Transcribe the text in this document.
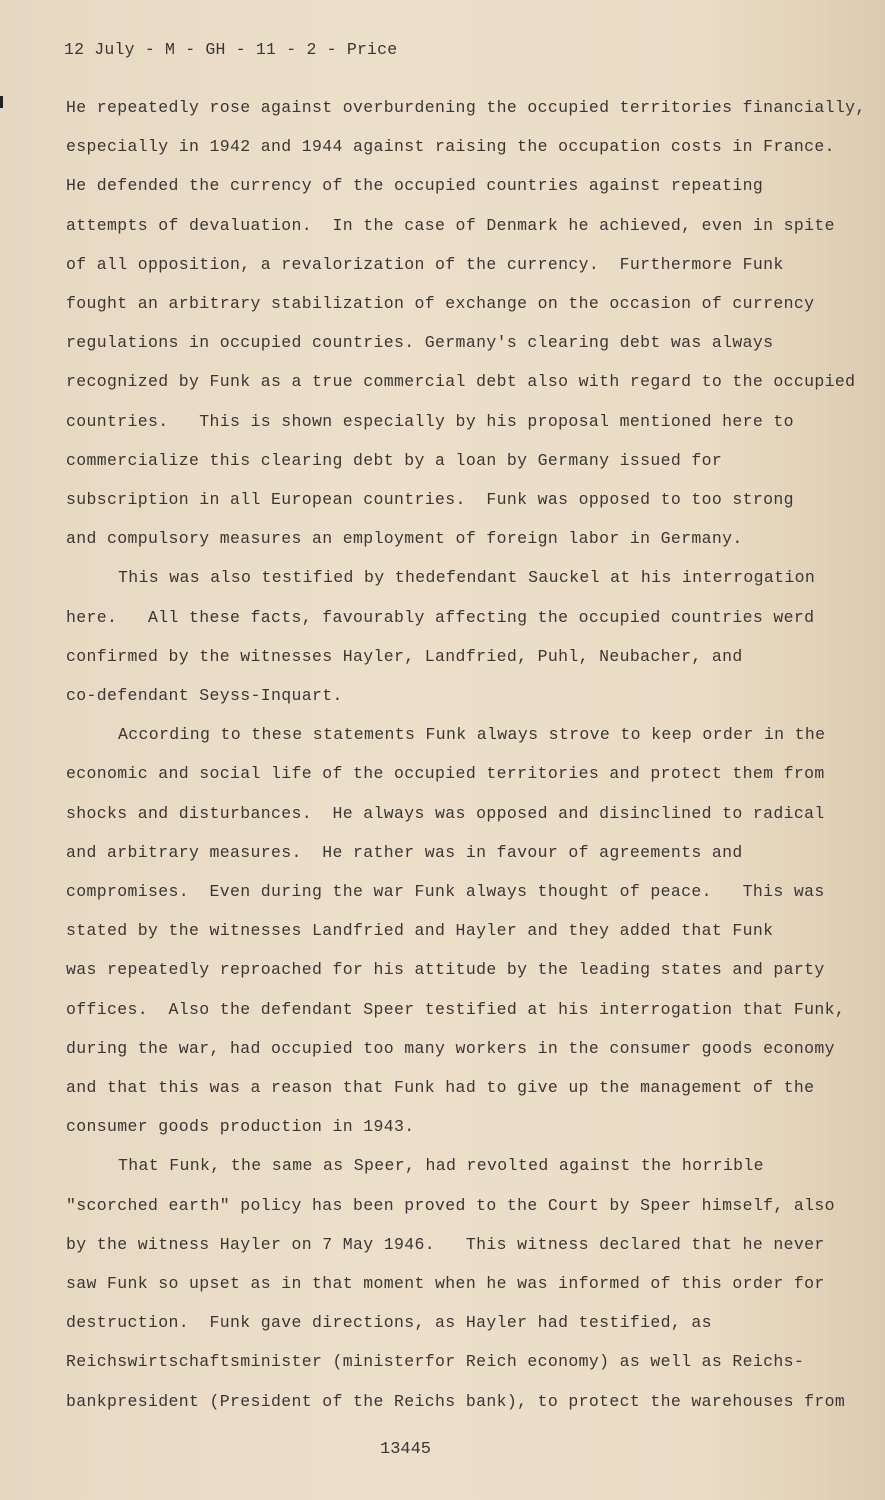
12 July - M - GH - 11 - 2 - Price
He repeatedly rose against overburdening the occupied territories financially,
especially in 1942 and 1944 against raising the occupation costs in France.
He defended the currency of the occupied countries against repeating
attempts of devaluation.  In the case of Denmark he achieved, even in spite
of all opposition, a revalorization of the currency.  Furthermore Funk
fought an arbitrary stabilization of exchange on the occasion of currency
regulations in occupied countries. Germany's clearing debt was always
recognized by Funk as a true commercial debt also with regard to the occupied
countries.   This is shown especially by his proposal mentioned here to
commercialize this clearing debt by a loan by Germany issued for
subscription in all European countries.  Funk was opposed to too strong
and compulsory measures an employment of foreign labor in Germany.
This was also testified by thedefendant Sauckel at his interrogation
here.   All these facts, favourably affecting the occupied countries werd
confirmed by the witnesses Hayler, Landfried, Puhl, Neubacher, and
co-defendant Seyss-Inquart.
According to these statements Funk always strove to keep order in the
economic and social life of the occupied territories and protect them from
shocks and disturbances.  He always was opposed and disinclined to radical
and arbitrary measures.  He rather was in favour of agreements and
compromises.  Even during the war Funk always thought of peace.   This was
stated by the witnesses Landfried and Hayler and they added that Funk
was repeatedly reproached for his attitude by the leading states and party
offices.  Also the defendant Speer testified at his interrogation that Funk,
during the war, had occupied too many workers in the consumer goods economy
and that this was a reason that Funk had to give up the management of the
consumer goods production in 1943.
That Funk, the same as Speer, had revolted against the horrible
"scorched earth" policy has been proved to the Court by Speer himself, also
by the witness Hayler on 7 May 1946.   This witness declared that he never
saw Funk so upset as in that moment when he was informed of this order for
destruction.  Funk gave directions, as Hayler had testified, as
Reichswirtschaftsminister (ministerfor Reich economy) as well as Reichs-
bankpresident (President of the Reichs bank), to protect the warehouses from
13445
